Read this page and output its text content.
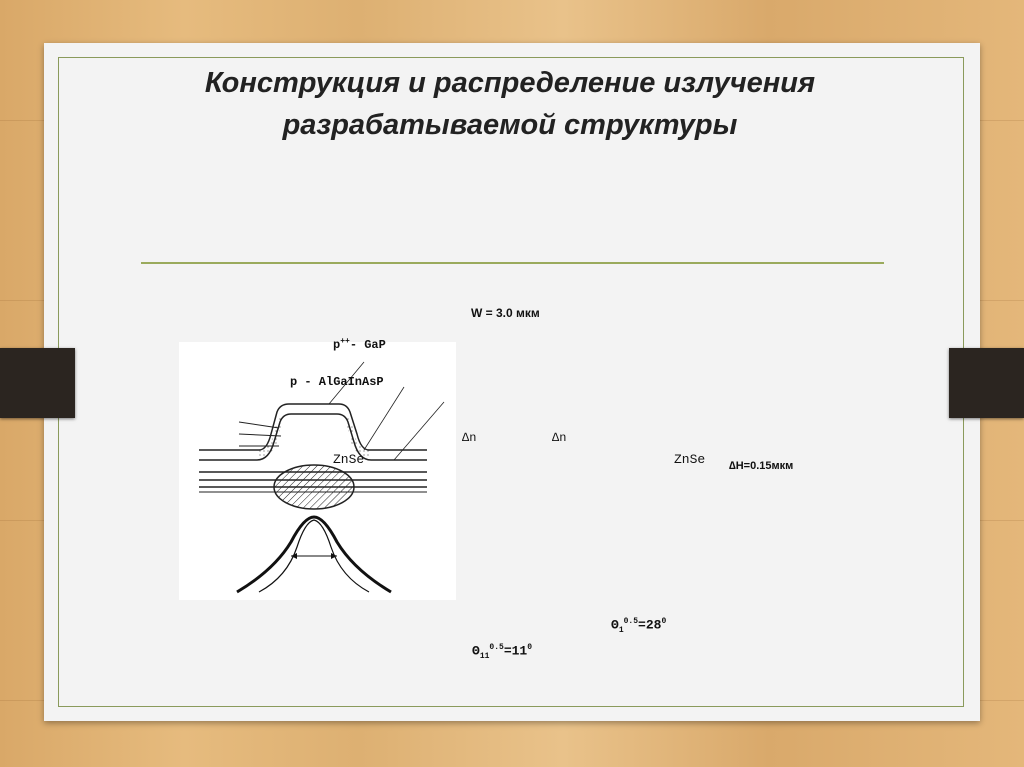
Конструкция и распределение излучения разрабатываемой структуры
W = 3.0 мкм
p++- GaP
p - AlGaInAsP
ZnSe
∆n	∆n
ZnSe ∆H=0.15мкм
$\Theta_1^{0.5}=28^0$
$\Theta_{11}^{0.5}=11^0$
